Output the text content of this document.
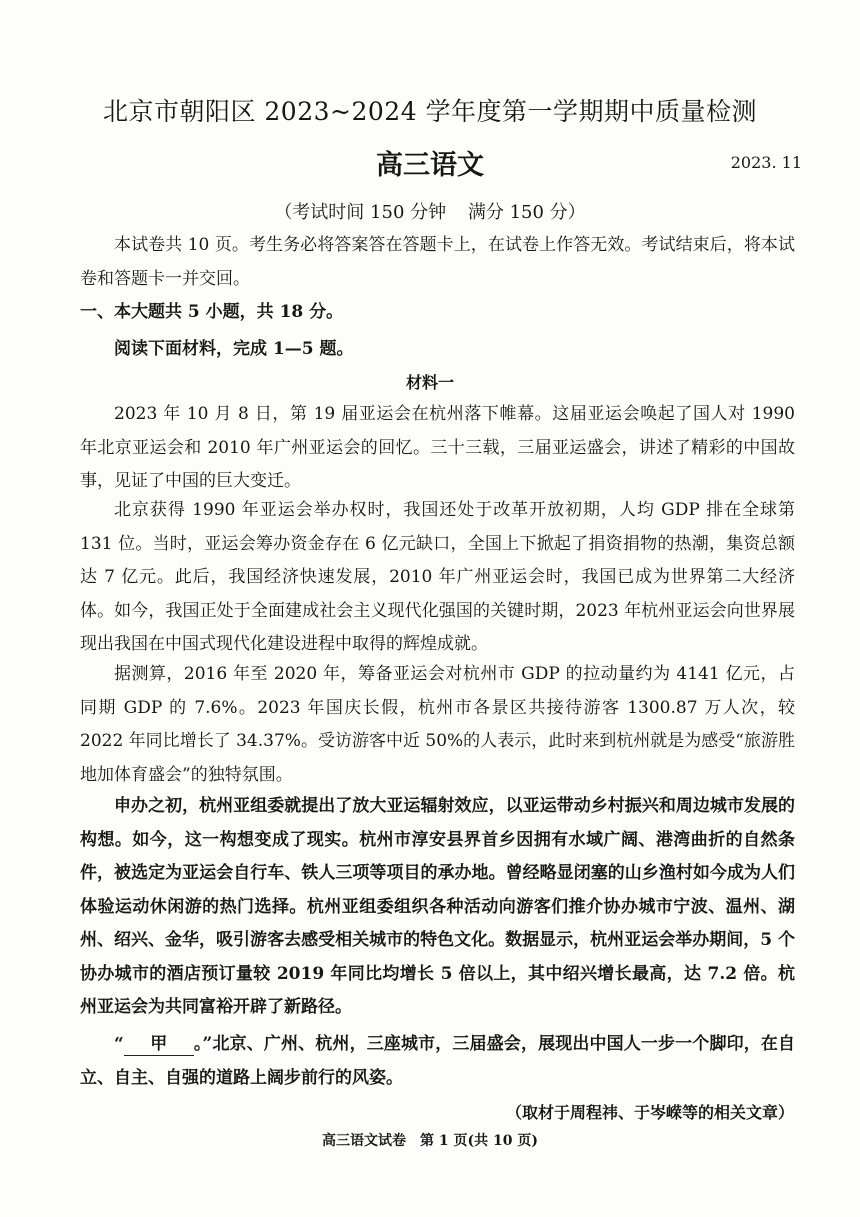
北京市朝阳区 2023~2024 学年度第一学期期中质量检测
高三语文	2023. 11
（考试时间 150 分钟 满分 150 分）

本试卷共 10 页。考生务必将答案答在答题卡上，在试卷上作答无效。考试结束后，将本试卷和答题卡一并交回。

一、本大题共 5 小题，共 18 分。
阅读下面材料，完成 1—5 题。
材料一

2023 年 10 月 8 日，第 19 届亚运会在杭州落下帷幕。这届亚运会唤起了国人对 1990 年北京亚运会和 2010 年广州亚运会的回忆。三十三载，三届亚运盛会，讲述了精彩的中国故事，见证了中国的巨大变迁。

北京获得 1990 年亚运会举办权时，我国还处于改革开放初期，人均 GDP 排在全球第 131 位。当时，亚运会筹办资金存在 6 亿元缺口，全国上下掀起了捐资捐物的热潮，集资总额达 7 亿元。此后，我国经济快速发展，2010 年广州亚运会时，我国已成为世界第二大经济体。如今，我国正处于全面建成社会主义现代化强国的关键时期，2023 年杭州亚运会向世界展现出我国在中国式现代化建设进程中取得的辉煌成就。

据测算，2016 年至 2020 年，筹备亚运会对杭州市 GDP 的拉动量约为 4141 亿元，占同期 GDP 的 7.6%。2023 年国庆长假，杭州市各景区共接待游客 1300.87 万人次，较 2022 年同比增长了 34.37%。受访游客中近 50%的人表示，此时来到杭州就是为感受“旅游胜地加体育盛会”的独特氛围。

申办之初，杭州亚组委就提出了放大亚运辐射效应，以亚运带动乡村振兴和周边城市发展的构想。如今，这一构想变成了现实。杭州市淳安县界首乡因拥有水域广阔、港湾曲折的自然条件，被选定为亚运会自行车、铁人三项等项目的承办地。曾经略显闭塞的山乡渔村如今成为人们体验运动休闲游的热门选择。杭州亚组委组织各种活动向游客们推介协办城市宁波、温州、湖州、绍兴、金华，吸引游客去感受相关城市的特色文化。数据显示，杭州亚运会举办期间，5 个协办城市的酒店预订量较 2019 年同比均增长 5 倍以上，其中绍兴增长最高，达 7.2 倍。杭州亚运会为共同富裕开辟了新路径。

“ 甲 。”北京、广州、杭州，三座城市，三届盛会，展现出中国人一步一个脚印，在自立、自主、自强的道路上阔步前行的风姿。

（取材于周程祎、于岑嵘等的相关文章）
高三语文试卷　第 1 页(共 10 页)
